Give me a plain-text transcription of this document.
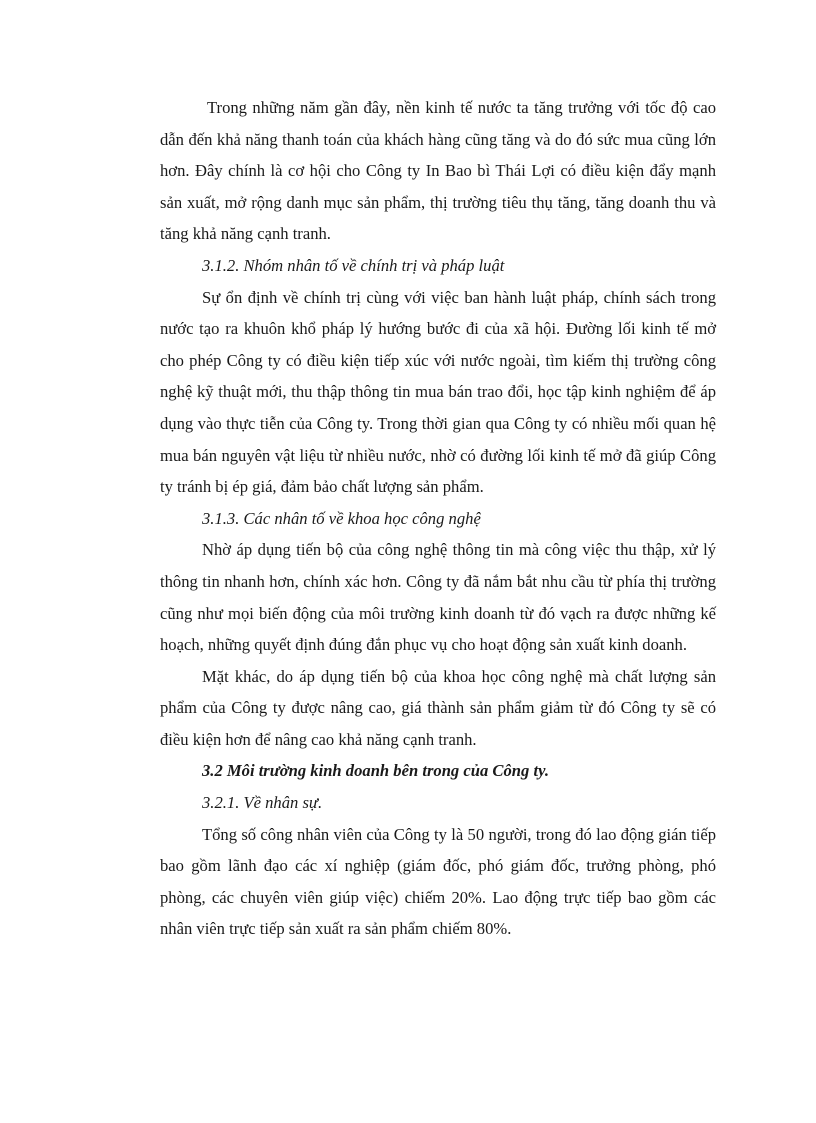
Trong những năm gần đây, nền kinh tế nước ta tăng trưởng với tốc độ cao dẫn đến khả năng thanh toán của khách hàng cũng tăng và do đó sức mua cũng lớn hơn. Đây chính là cơ hội cho Công ty In Bao bì Thái Lợi có điều kiện đẩy mạnh sản xuất, mở rộng danh mục sản phẩm, thị trường tiêu thụ tăng, tăng doanh thu và tăng khả năng cạnh tranh.

3.1.2. Nhóm nhân tố về chính trị và pháp luật

Sự ổn định về chính trị cùng với việc ban hành luật pháp, chính sách trong nước tạo ra khuôn khổ pháp lý hướng bước đi của xã hội. Đường lối kinh tế mở cho phép Công ty có điều kiện tiếp xúc với nước ngoài, tìm kiếm thị trường công nghệ kỹ thuật mới, thu thập thông tin mua bán trao đổi, học tập kinh nghiệm để áp dụng vào thực tiễn của Công ty. Trong thời gian qua Công ty có nhiều mối quan hệ mua bán nguyên vật liệu từ nhiều nước, nhờ có đường lối kinh tế mở đã giúp Công ty tránh bị ép giá, đảm bảo chất lượng sản phẩm.

3.1.3. Các nhân tố về khoa học công nghệ

Nhờ áp dụng tiến bộ của công nghệ thông tin mà công việc thu thập, xử lý thông tin nhanh hơn, chính xác hơn. Công ty đã nắm bắt nhu cầu từ phía thị trường cũng như mọi biến động của môi trường kinh doanh từ đó vạch ra được những kế hoạch, những quyết định đúng đắn phục vụ cho hoạt động sản xuất kinh doanh.

Mặt khác, do áp dụng tiến bộ của khoa học công nghệ mà chất lượng sản phẩm của Công ty được nâng cao, giá thành sản phẩm giảm từ đó Công ty sẽ có điều kiện hơn để nâng cao khả năng cạnh tranh.

3.2 Môi trường kinh doanh bên trong của Công ty.

3.2.1. Về nhân sự.

Tổng số công nhân viên của Công ty là 50 người, trong đó lao động gián tiếp bao gồm lãnh đạo các xí nghiệp (giám đốc, phó giám đốc, trưởng phòng, phó phòng, các chuyên viên giúp việc) chiếm 20%. Lao động trực tiếp bao gồm các nhân viên trực tiếp sản xuất ra sản phẩm chiếm 80%.
